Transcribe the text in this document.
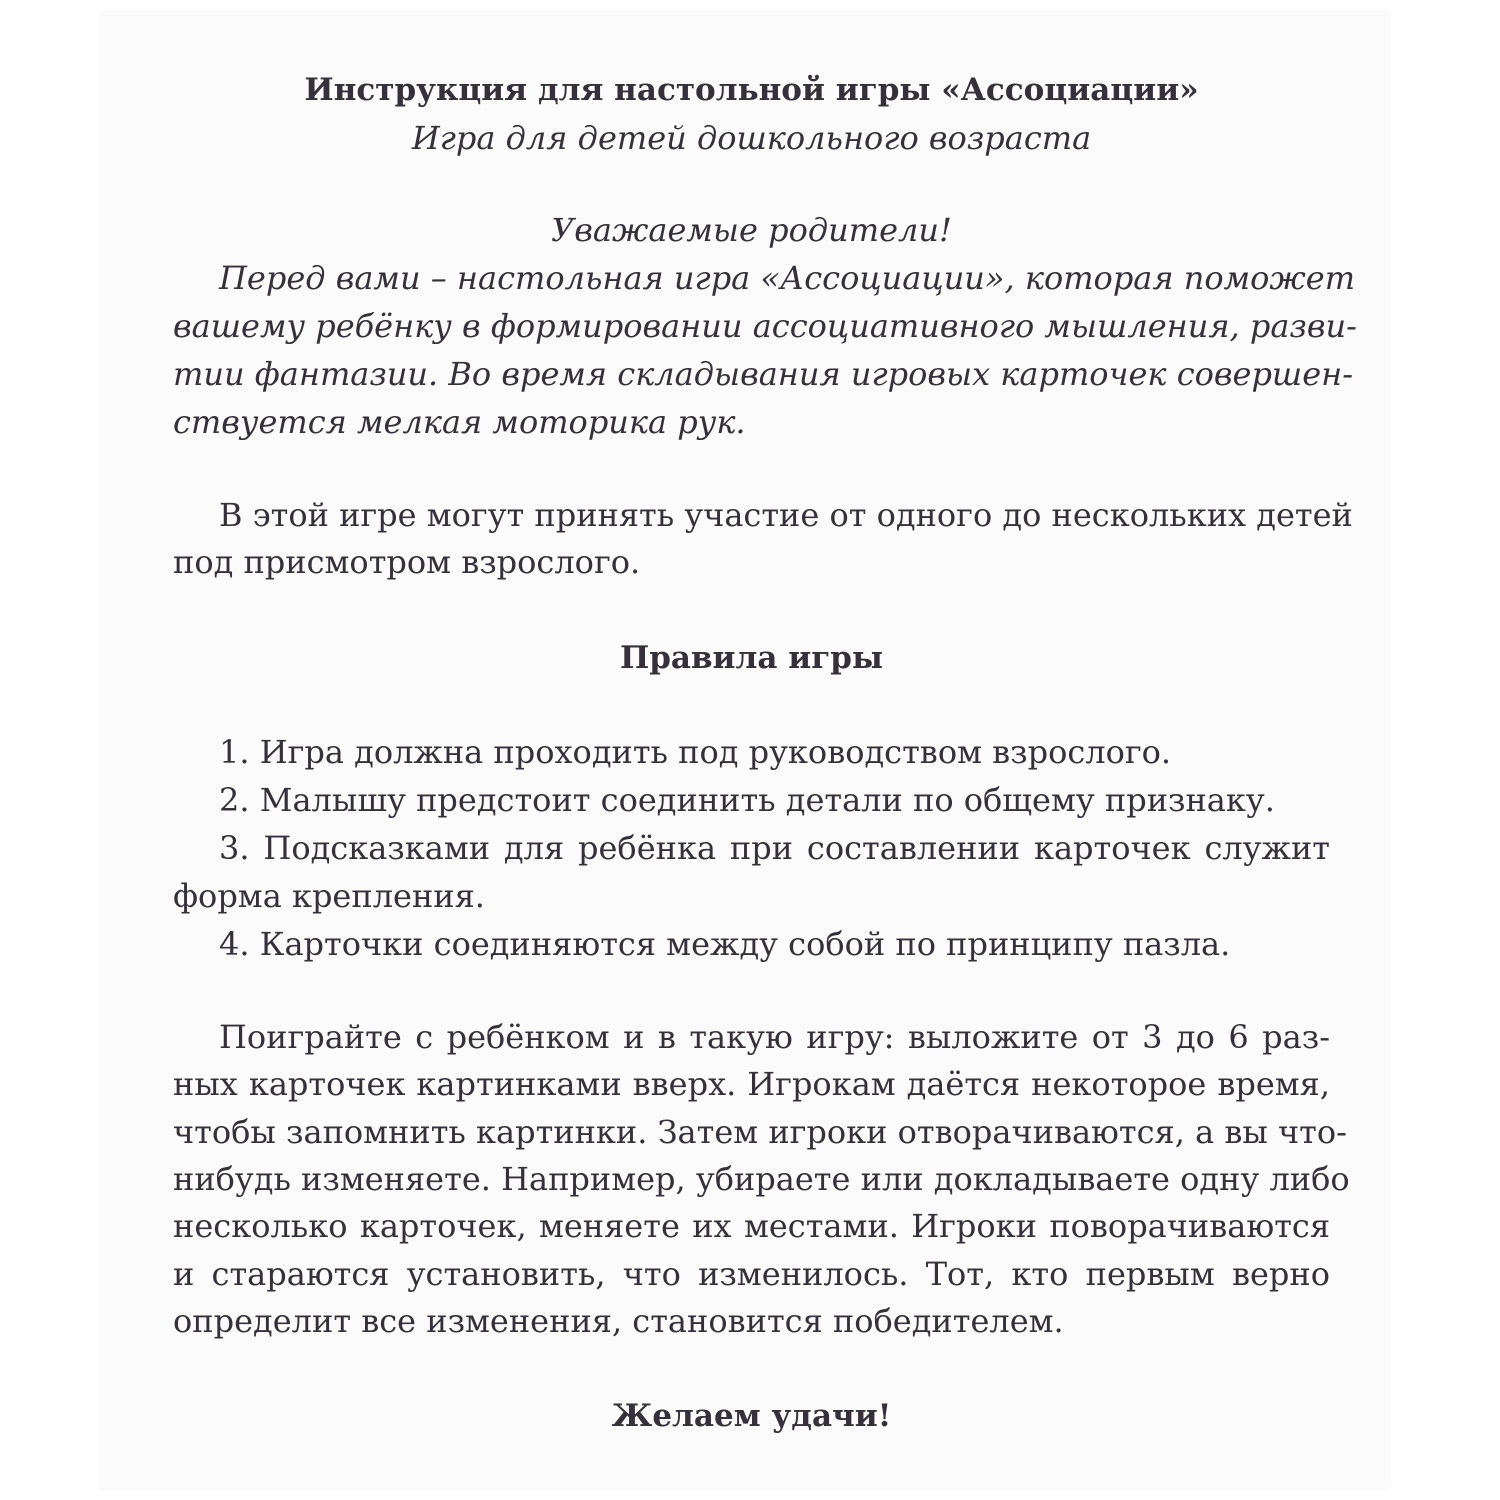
Инструкция для настольной игры «Ассоциации»
Игра для детей дошкольного возраста
Уважаемые родители!
Перед вами – настольная игра «Ассоциации», которая поможет
вашему ребёнку в формировании ассоциативного мышления, разви-
тии фантазии. Во время складывания игровых карточек совершен-
ствуется мелкая моторика рук.
В этой игре могут принять участие от одного до нескольких детей
под присмотром взрослого.
Правила игры
1. Игра должна проходить под руководством взрослого.
2. Малышу предстоит соединить детали по общему признаку.
3. Подсказками для ребёнка при составлении карточек служит
форма крепления.
4. Карточки соединяются между собой по принципу пазла.
Поиграйте с ребёнком и в такую игру: выложите от 3 до 6 раз-
ных карточек картинками вверх. Игрокам даётся некоторое время,
чтобы запомнить картинки. Затем игроки отворачиваются, а вы что-
нибудь изменяете. Например, убираете или докладываете одну либо
несколько карточек, меняете их местами. Игроки поворачиваются
и стараются установить, что изменилось. Тот, кто первым верно
определит все изменения, становится победителем.
Желаем удачи!
